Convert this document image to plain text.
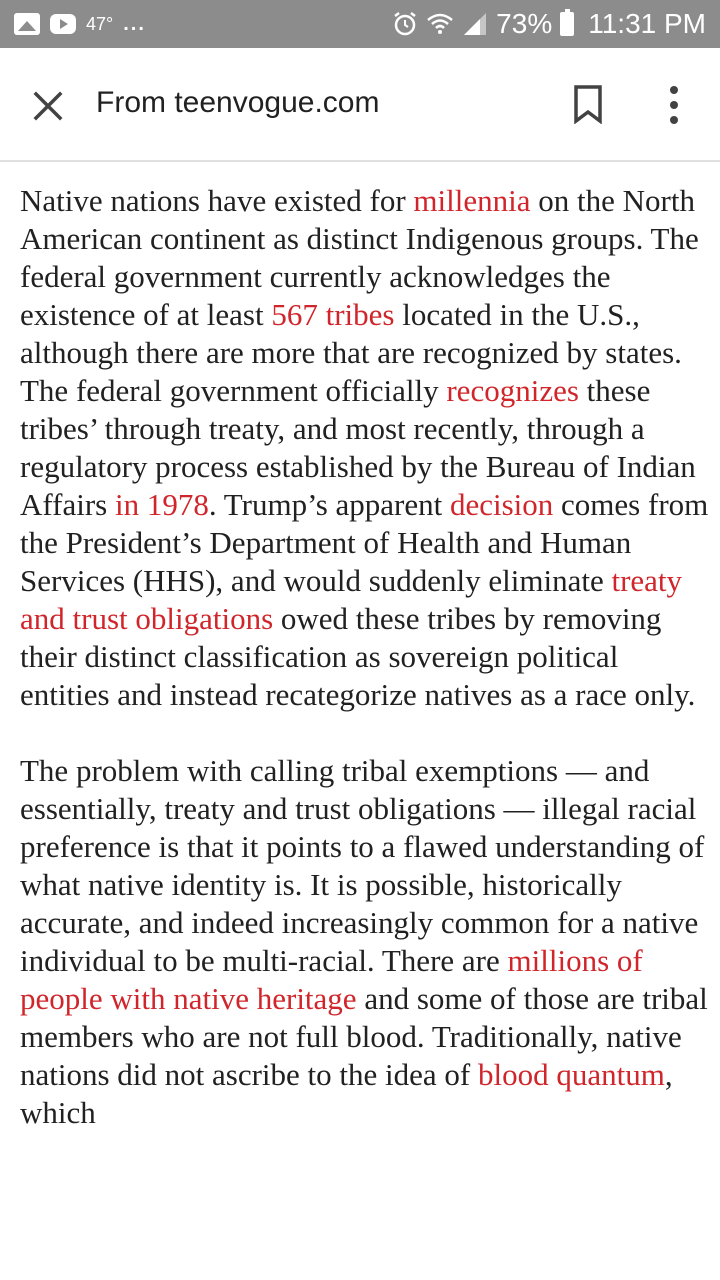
47° ...	73% 11:31 PM
From teenvogue.com

Native nations have existed for millennia on the North American continent as distinct Indigenous groups. The federal government currently acknowledges the existence of at least 567 tribes located in the U.S., although there are more that are recognized by states. The federal government officially recognizes these tribes’ through treaty, and most recently, through a regulatory process established by the Bureau of Indian Affairs in 1978. Trump’s apparent decision comes from the President’s Department of Health and Human Services (HHS), and would suddenly eliminate treaty and trust obligations owed these tribes by removing their distinct classification as sovereign political entities and instead recategorize natives as a race only.

The problem with calling tribal exemptions — and essentially, treaty and trust obligations — illegal racial preference is that it points to a flawed understanding of what native identity is. It is possible, historically accurate, and indeed increasingly common for a native individual to be multi-racial. There are millions of people with native heritage and some of those are tribal members who are not full blood. Traditionally, native nations did not ascribe to the idea of blood quantum, which
